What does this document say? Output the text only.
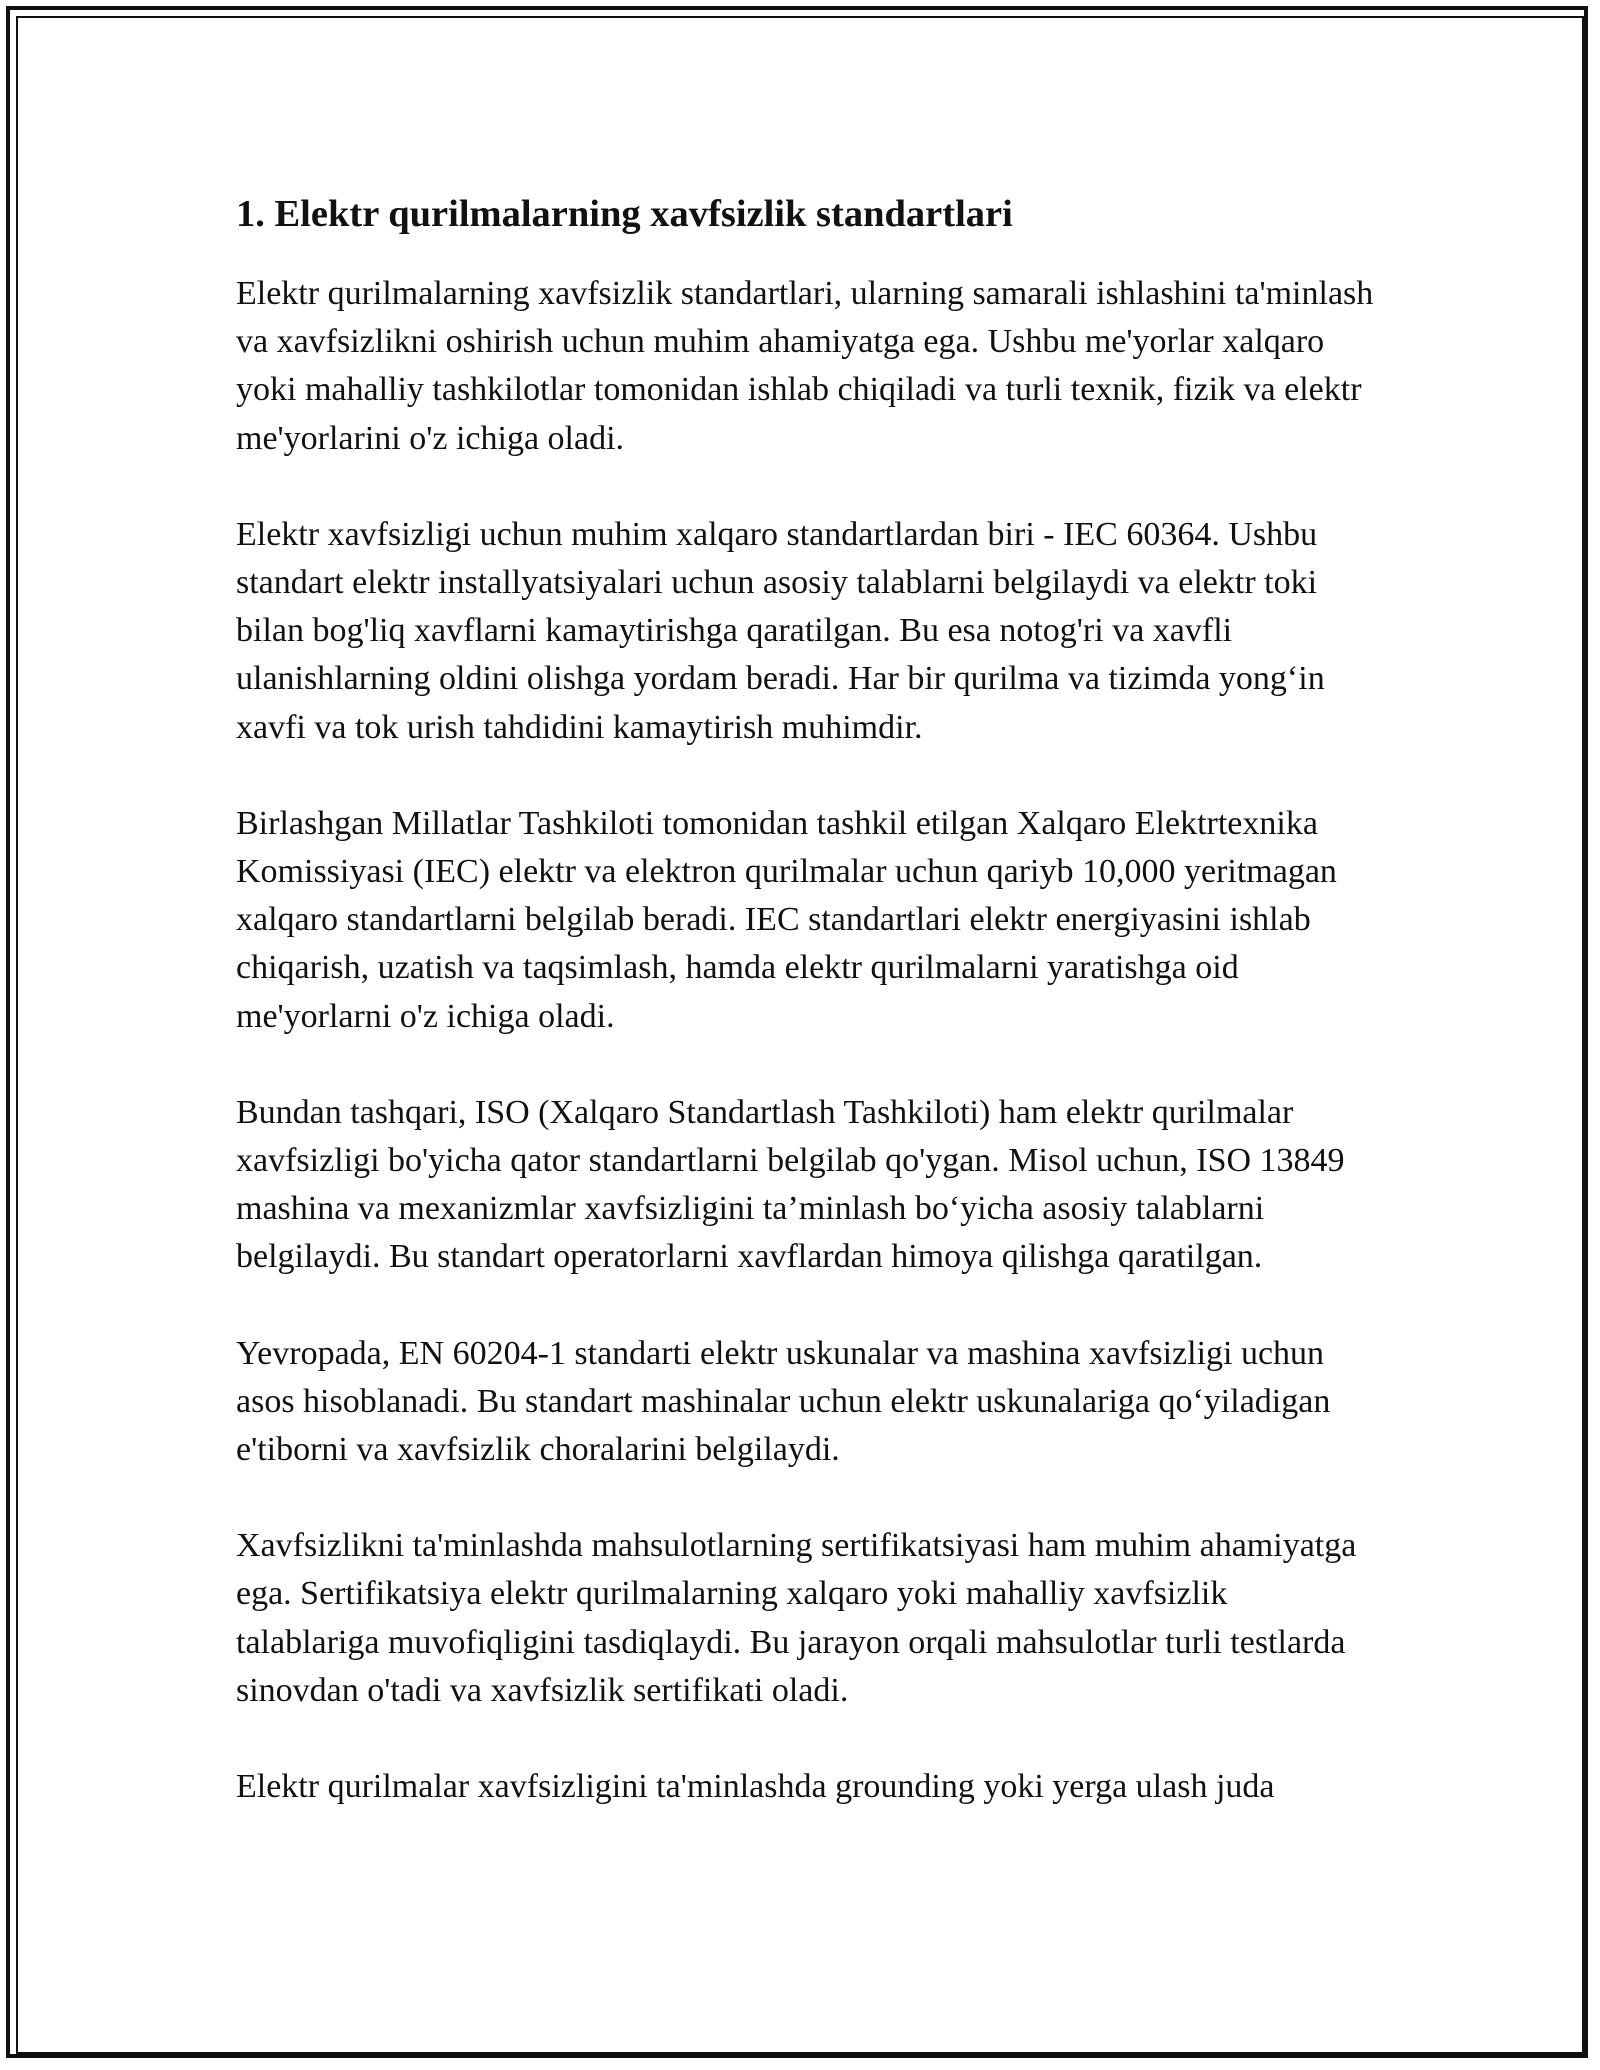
1. Elektr qurilmalarning xavfsizlik standartlari

Elektr qurilmalarning xavfsizlik standartlari, ularning samarali ishlashini ta'minlash va xavfsizlikni oshirish uchun muhim ahamiyatga ega. Ushbu me'yorlar xalqaro yoki mahalliy tashkilotlar tomonidan ishlab chiqiladi va turli texnik, fizik va elektr me'yorlarini o'z ichiga oladi.

Elektr xavfsizligi uchun muhim xalqaro standartlardan biri - IEC 60364. Ushbu standart elektr installyatsiyalari uchun asosiy talablarni belgilaydi va elektr toki bilan bog'liq xavflarni kamaytirishga qaratilgan. Bu esa notog'ri va xavfli ulanishlarning oldini olishga yordam beradi. Har bir qurilma va tizimda yong‘in xavfi va tok urish tahdidini kamaytirish muhimdir.

Birlashgan Millatlar Tashkiloti tomonidan tashkil etilgan Xalqaro Elektrtexnika Komissiyasi (IEC) elektr va elektron qurilmalar uchun qariyb 10,000 yeritmagan xalqaro standartlarni belgilab beradi. IEC standartlari elektr energiyasini ishlab chiqarish, uzatish va taqsimlash, hamda elektr qurilmalarni yaratishga oid me'yorlarni o'z ichiga oladi.

Bundan tashqari, ISO (Xalqaro Standartlash Tashkiloti) ham elektr qurilmalar xavfsizligi bo'yicha qator standartlarni belgilab qo'ygan. Misol uchun, ISO 13849 mashina va mexanizmlar xavfsizligini ta’minlash bo‘yicha asosiy talablarni belgilaydi. Bu standart operatorlarni xavflardan himoya qilishga qaratilgan.

Yevropada, EN 60204-1 standarti elektr uskunalar va mashina xavfsizligi uchun asos hisoblanadi. Bu standart mashinalar uchun elektr uskunalariga qo‘yiladigan e'tiborni va xavfsizlik choralarini belgilaydi.

Xavfsizlikni ta'minlashda mahsulotlarning sertifikatsiyasi ham muhim ahamiyatga ega. Sertifikatsiya elektr qurilmalarning xalqaro yoki mahalliy xavfsizlik talablariga muvofiqligini tasdiqlaydi. Bu jarayon orqali mahsulotlar turli testlarda sinovdan o'tadi va xavfsizlik sertifikati oladi.

Elektr qurilmalar xavfsizligini ta'minlashda grounding yoki yerga ulash juda
